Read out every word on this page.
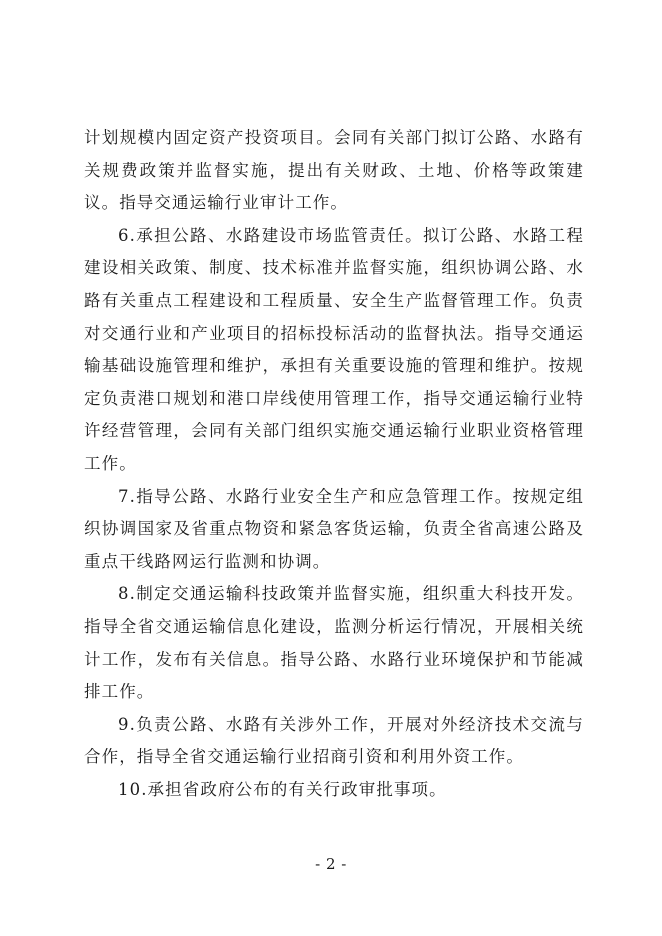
计划规模内固定资产投资项目。会同有关部门拟订公路、水路有关规费政策并监督实施，提出有关财政、土地、价格等政策建议。指导交通运输行业审计工作。

6.承担公路、水路建设市场监管责任。拟订公路、水路工程建设相关政策、制度、技术标准并监督实施，组织协调公路、水路有关重点工程建设和工程质量、安全生产监督管理工作。负责对交通行业和产业项目的招标投标活动的监督执法。指导交通运输基础设施管理和维护，承担有关重要设施的管理和维护。按规定负责港口规划和港口岸线使用管理工作，指导交通运输行业特许经营管理，会同有关部门组织实施交通运输行业职业资格管理工作。

7.指导公路、水路行业安全生产和应急管理工作。按规定组织协调国家及省重点物资和紧急客货运输，负责全省高速公路及重点干线路网运行监测和协调。

8.制定交通运输科技政策并监督实施，组织重大科技开发。指导全省交通运输信息化建设，监测分析运行情况，开展相关统计工作，发布有关信息。指导公路、水路行业环境保护和节能减排工作。

9.负责公路、水路有关涉外工作，开展对外经济技术交流与合作，指导全省交通运输行业招商引资和利用外资工作。

10.承担省政府公布的有关行政审批事项。

- 2 -
